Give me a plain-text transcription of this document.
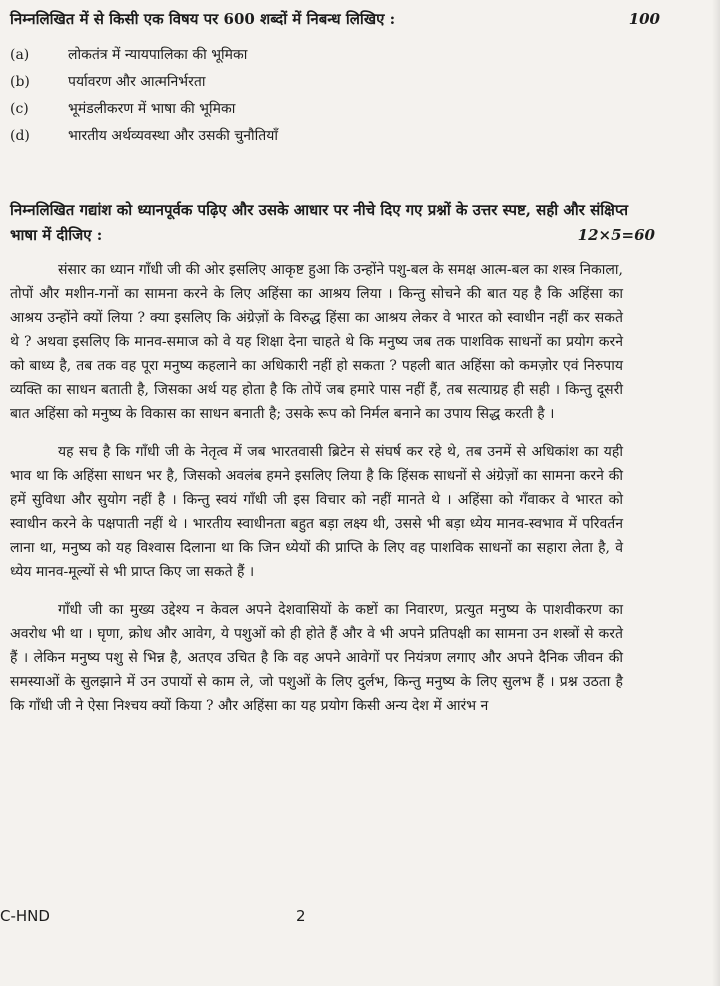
निम्नलिखित में से किसी एक विषय पर 600 शब्दों में निबन्ध लिखिए :	100
(a)	लोकतंत्र में न्यायपालिका की भूमिका
(b)	पर्यावरण और आत्मनिर्भरता
(c)	भूमंडलीकरण में भाषा की भूमिका
(d)	भारतीय अर्थव्यवस्था और उसकी चुनौतियाँ
निम्नलिखित गद्यांश को ध्यानपूर्वक पढ़िए और उसके आधार पर नीचे दिए गए प्रश्नों के उत्तर स्पष्ट, सही और संक्षिप्त भाषा में दीजिए :	12×5=60

संसार का ध्यान गाँधी जी की ओर इसलिए आकृष्ट हुआ कि उन्होंने पशु-बल के समक्ष आत्म-बल का शस्त्र निकाला, तोपों और मशीन-गनों का सामना करने के लिए अहिंसा का आश्रय लिया । किन्तु सोचने की बात यह है कि अहिंसा का आश्रय उन्होंने क्यों लिया ? क्या इसलिए कि अंग्रेज़ों के विरुद्ध हिंसा का आश्रय लेकर वे भारत को स्वाधीन नहीं कर सकते थे ? अथवा इसलिए कि मानव-समाज को वे यह शिक्षा देना चाहते थे कि मनुष्य जब तक पाशविक साधनों का प्रयोग करने को बाध्य है, तब तक वह पूरा मनुष्य कहलाने का अधिकारी नहीं हो सकता ? पहली बात अहिंसा को कमज़ोर एवं निरुपाय व्यक्ति का साधन बताती है, जिसका अर्थ यह होता है कि तोपें जब हमारे पास नहीं हैं, तब सत्याग्रह ही सही । किन्तु दूसरी बात अहिंसा को मनुष्य के विकास का साधन बनाती है; उसके रूप को निर्मल बनाने का उपाय सिद्ध करती है ।

यह सच है कि गाँधी जी के नेतृत्व में जब भारतवासी ब्रिटेन से संघर्ष कर रहे थे, तब उनमें से अधिकांश का यही भाव था कि अहिंसा साधन भर है, जिसको अवलंब हमने इसलिए लिया है कि हिंसक साधनों से अंग्रेज़ों का सामना करने की हमें सुविधा और सुयोग नहीं है । किन्तु स्वयं गाँधी जी इस विचार को नहीं मानते थे । अहिंसा को गँवाकर वे भारत को स्वाधीन करने के पक्षपाती नहीं थे । भारतीय स्वाधीनता बहुत बड़ा लक्ष्य थी, उससे भी बड़ा ध्येय मानव-स्वभाव में परिवर्तन लाना था, मनुष्य को यह विश्वास दिलाना था कि जिन ध्येयों की प्राप्ति के लिए वह पाशविक साधनों का सहारा लेता है, वे ध्येय मानव-मूल्यों से भी प्राप्त किए जा सकते हैं ।

गाँधी जी का मुख्य उद्देश्य न केवल अपने देशवासियों के कष्टों का निवारण, प्रत्युत मनुष्य के पाशवीकरण का अवरोध भी था । घृणा, क्रोध और आवेग, ये पशुओं को ही होते हैं और वे भी अपने प्रतिपक्षी का सामना उन शस्त्रों से करते हैं । लेकिन मनुष्य पशु से भिन्न है, अतएव उचित है कि वह अपने आवेगों पर नियंत्रण लगाए और अपने दैनिक जीवन की समस्याओं के सुलझाने में उन उपायों से काम ले, जो पशुओं के लिए दुर्लभ, किन्तु मनुष्य के लिए सुलभ हैं । प्रश्न उठता है कि गाँधी जी ने ऐसा निश्चय क्यों किया ? और अहिंसा का यह प्रयोग किसी अन्य देश में आरंभ न

C-HND	2
